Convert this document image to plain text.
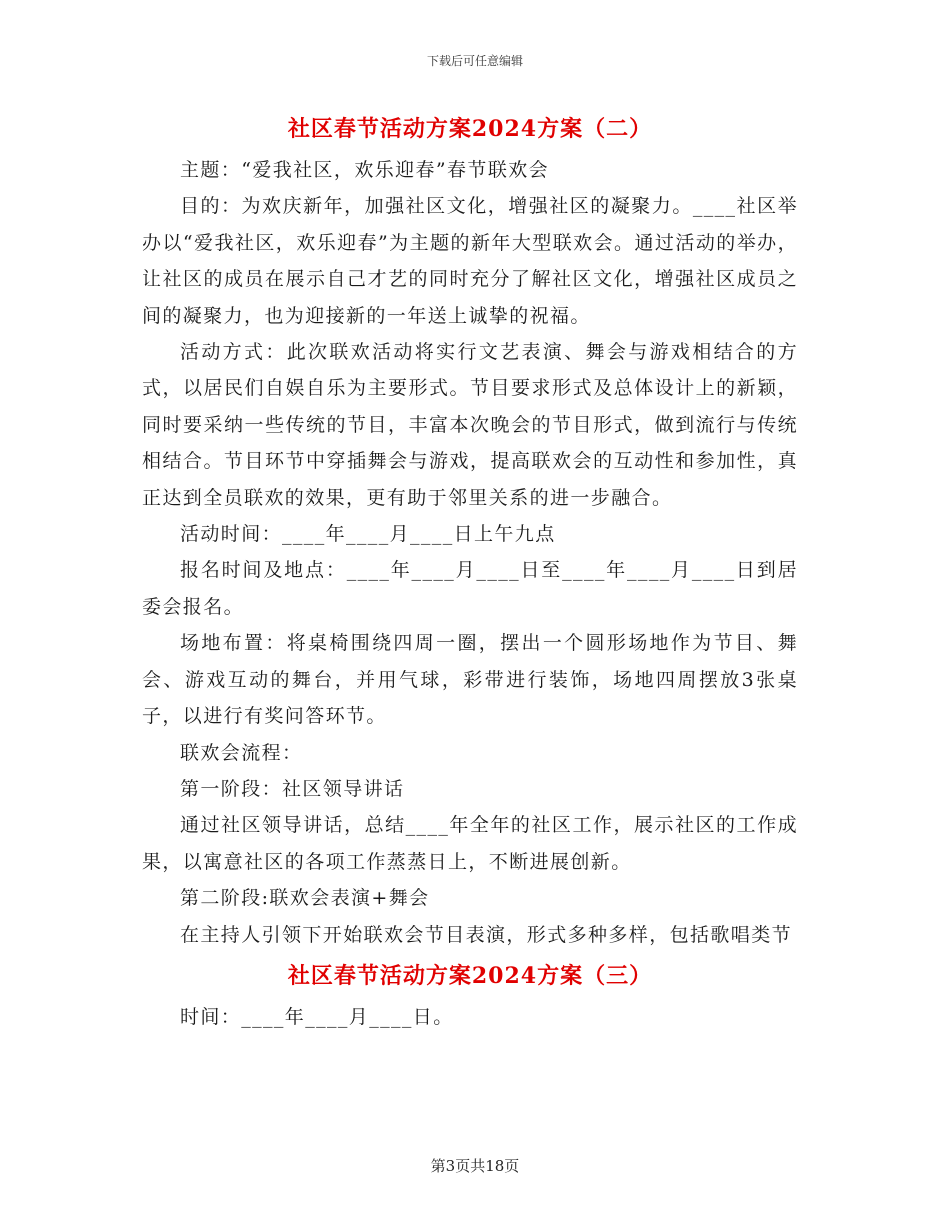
下载后可任意编辑
社区春节活动方案2024方案（二）

主题：“爱我社区，欢乐迎春”春节联欢会

目的：为欢庆新年，加强社区文化，增强社区的凝聚力。____社区举办以“爱我社区，欢乐迎春”为主题的新年大型联欢会。通过活动的举办，让社区的成员在展示自己才艺的同时充分了解社区文化，增强社区成员之间的凝聚力，也为迎接新的一年送上诚挚的祝福。

活动方式：此次联欢活动将实行文艺表演、舞会与游戏相结合的方式，以居民们自娱自乐为主要形式。节目要求形式及总体设计上的新颖，同时要采纳一些传统的节目，丰富本次晚会的节目形式，做到流行与传统相结合。节目环节中穿插舞会与游戏，提高联欢会的互动性和参加性，真正达到全员联欢的效果，更有助于邻里关系的进一步融合。

活动时间：____年____月____日上午九点

报名时间及地点：____年____月____日至____年____月____日到居委会报名。

场地布置：将桌椅围绕四周一圈，摆出一个圆形场地作为节目、舞会、游戏互动的舞台，并用气球，彩带进行装饰，场地四周摆放3张桌子，以进行有奖问答环节。

联欢会流程：

第一阶段：社区领导讲话

通过社区领导讲话，总结____年全年的社区工作，展示社区的工作成果，以寓意社区的各项工作蒸蒸日上，不断进展创新。

第二阶段:联欢会表演+舞会

在主持人引领下开始联欢会节目表演，形式多种多样，包括歌唱类节

社区春节活动方案2024方案（三）

时间：____年____月____日。

第3页共18页
